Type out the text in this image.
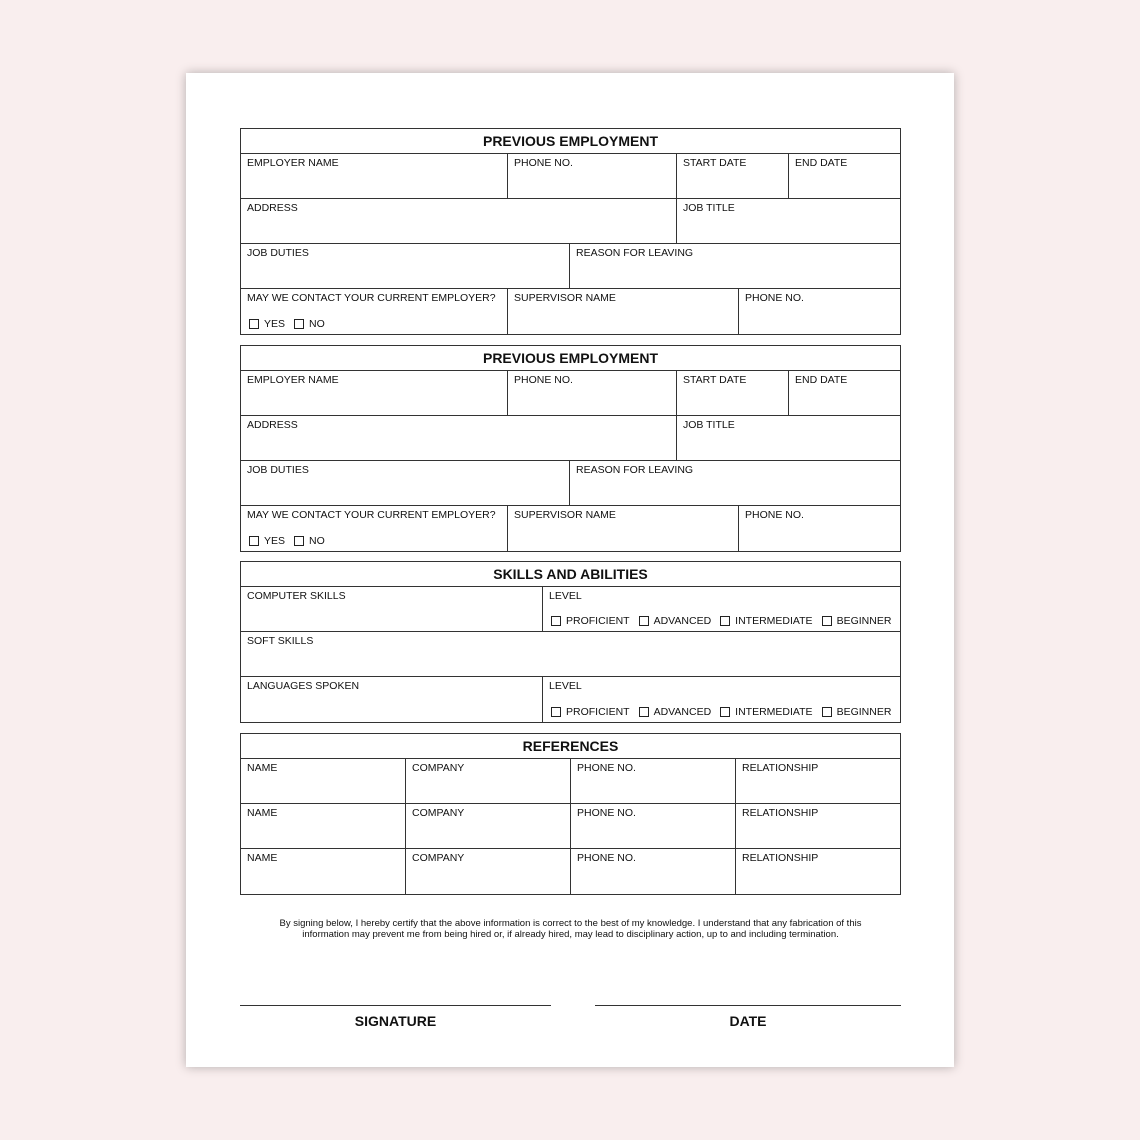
PREVIOUS EMPLOYMENT
EMPLOYER NAME	PHONE NO.	START DATE	END DATE
ADDRESS	JOB TITLE
JOB DUTIES	REASON FOR LEAVING
MAY WE CONTACT YOUR CURRENT EMPLOYER?
YES NO
SUPERVISOR NAME	PHONE NO.
PREVIOUS EMPLOYMENT
EMPLOYER NAME	PHONE NO.	START DATE	END DATE
ADDRESS	JOB TITLE
JOB DUTIES	REASON FOR LEAVING
MAY WE CONTACT YOUR CURRENT EMPLOYER?
YES NO
SUPERVISOR NAME	PHONE NO.
SKILLS AND ABILITIES
COMPUTER SKILLS	LEVEL
PROFICIENT ADVANCED INTERMEDIATE BEGINNER
SOFT SKILLS
LANGUAGES SPOKEN	LEVEL
PROFICIENT ADVANCED INTERMEDIATE BEGINNER
REFERENCES
NAME	COMPANY	PHONE NO.	RELATIONSHIP
NAME	COMPANY	PHONE NO.	RELATIONSHIP
NAME	COMPANY	PHONE NO.	RELATIONSHIP
By signing below, I hereby certify that the above information is correct to the best of my knowledge. I understand that any fabrication of this
information may prevent me from being hired or, if already hired, may lead to disciplinary action, up to and including termination.
SIGNATURE	DATE
